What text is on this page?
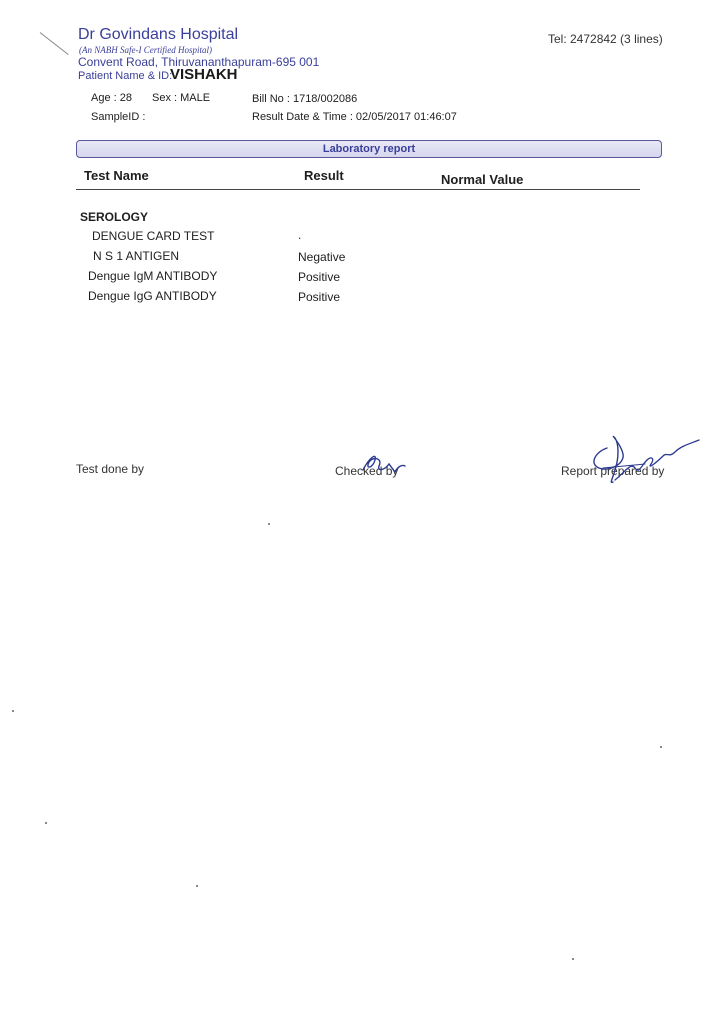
Dr Govindans Hospital
(An NABH Safe-I Certified Hospital)
Convent Road, Thiruvananthapuram-695 001
Patient Name & ID:
VISHAKH
Tel: 2472842 (3 lines)
Age : 28 Sex : MALE	Bill No : 1718/002086
SampleID :	Result Date & Time : 02/05/2017 01:46:07
Laboratory report
Test Name	Result	Normal Value
SEROLOGY
DENGUE CARD TEST	.
N S 1 ANTIGEN	Negative
Dengue IgM ANTIBODY	Positive
Dengue IgG ANTIBODY	Positive
Test done by	Checked by	Report prepared by
